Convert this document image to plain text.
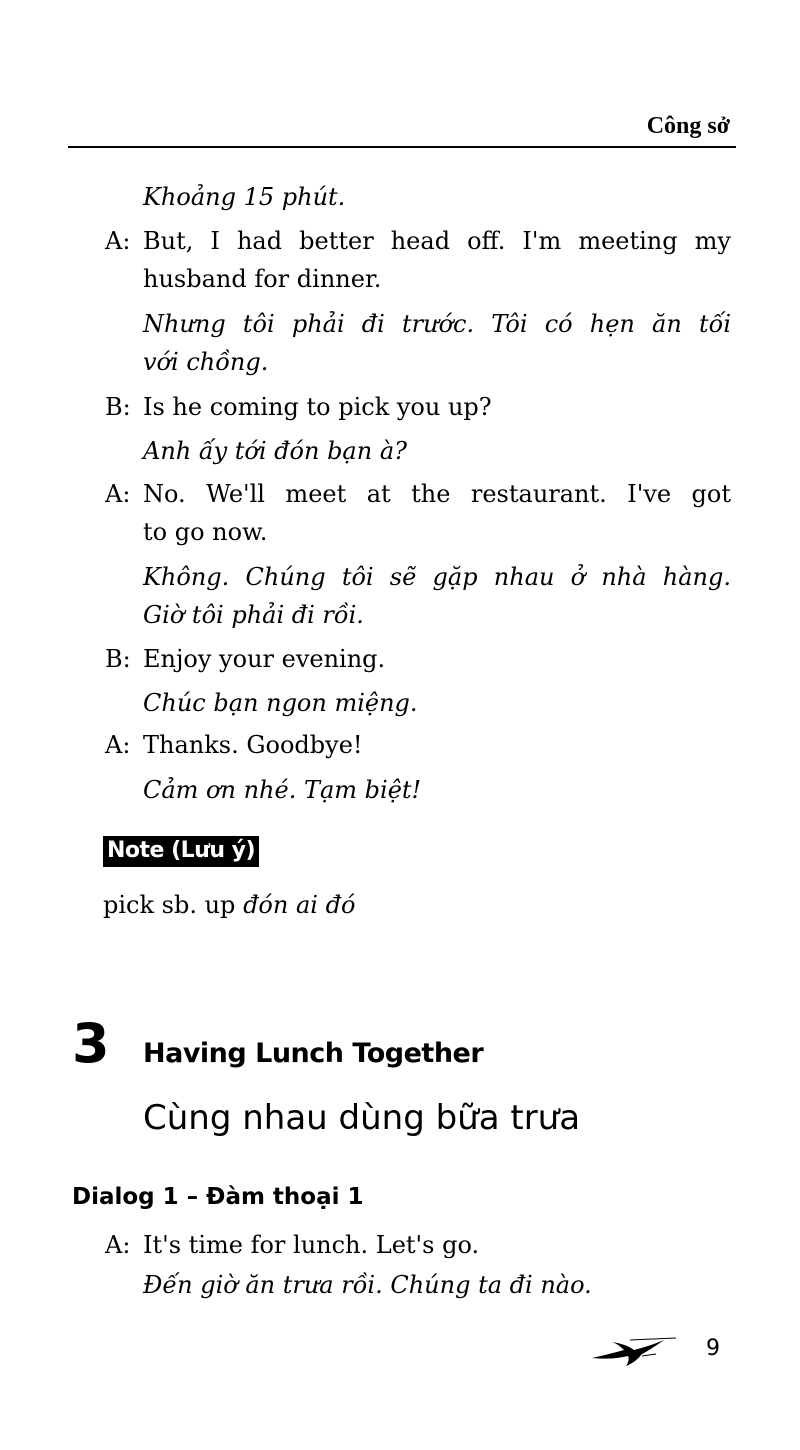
Công sở
Khoảng 15 phút.
A: But, I had better head off. I'm meeting my
husband for dinner.
Nhưng tôi phải đi trước. Tôi có hẹn ăn tối
với chồng.
B: Is he coming to pick you up?
Anh ấy tới đón bạn à?
A: No. We'll meet at the restaurant. I've got
to go now.
Không. Chúng tôi sẽ gặp nhau ở nhà hàng.
Giờ tôi phải đi rồi.
B: Enjoy your evening.
Chúc bạn ngon miệng.
A: Thanks. Goodbye!
Cảm ơn nhé. Tạm biệt!
Note (Lưu ý)
pick sb. up đón ai đó
3 Having Lunch Together
Cùng nhau dùng bữa trưa
Dialog 1 – Đàm thoại 1
A: It's time for lunch. Let's go.
Đến giờ ăn trưa rồi. Chúng ta đi nào.
9
